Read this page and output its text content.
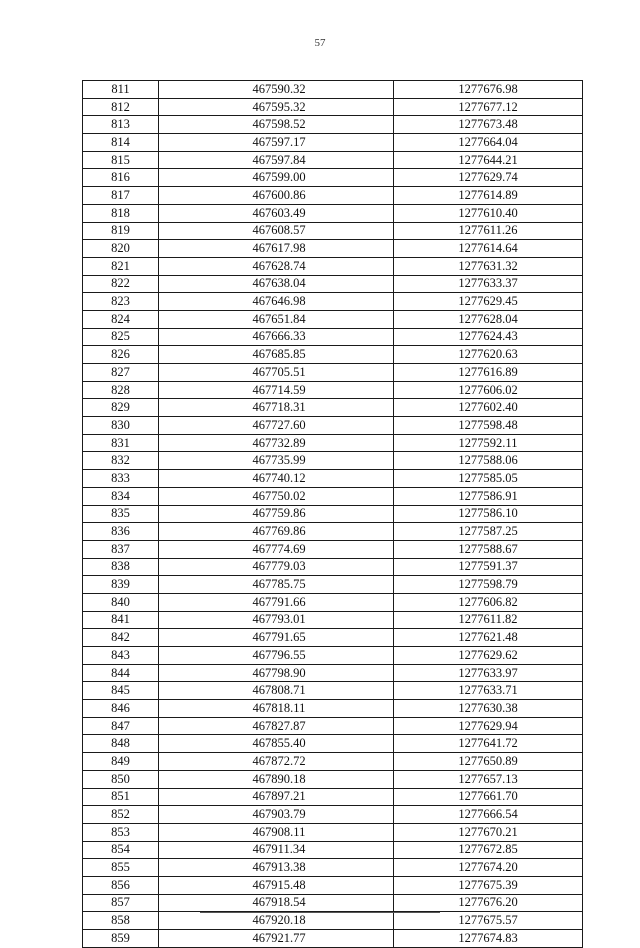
57
811	467590.32	1277676.98
812	467595.32	1277677.12
813	467598.52	1277673.48
814	467597.17	1277664.04
815	467597.84	1277644.21
816	467599.00	1277629.74
817	467600.86	1277614.89
818	467603.49	1277610.40
819	467608.57	1277611.26
820	467617.98	1277614.64
821	467628.74	1277631.32
822	467638.04	1277633.37
823	467646.98	1277629.45
824	467651.84	1277628.04
825	467666.33	1277624.43
826	467685.85	1277620.63
827	467705.51	1277616.89
828	467714.59	1277606.02
829	467718.31	1277602.40
830	467727.60	1277598.48
831	467732.89	1277592.11
832	467735.99	1277588.06
833	467740.12	1277585.05
834	467750.02	1277586.91
835	467759.86	1277586.10
836	467769.86	1277587.25
837	467774.69	1277588.67
838	467779.03	1277591.37
839	467785.75	1277598.79
840	467791.66	1277606.82
841	467793.01	1277611.82
842	467791.65	1277621.48
843	467796.55	1277629.62
844	467798.90	1277633.97
845	467808.71	1277633.71
846	467818.11	1277630.38
847	467827.87	1277629.94
848	467855.40	1277641.72
849	467872.72	1277650.89
850	467890.18	1277657.13
851	467897.21	1277661.70
852	467903.79	1277666.54
853	467908.11	1277670.21
854	467911.34	1277672.85
855	467913.38	1277674.20
856	467915.48	1277675.39
857	467918.54	1277676.20
858	467920.18	1277675.57
859	467921.77	1277674.83
